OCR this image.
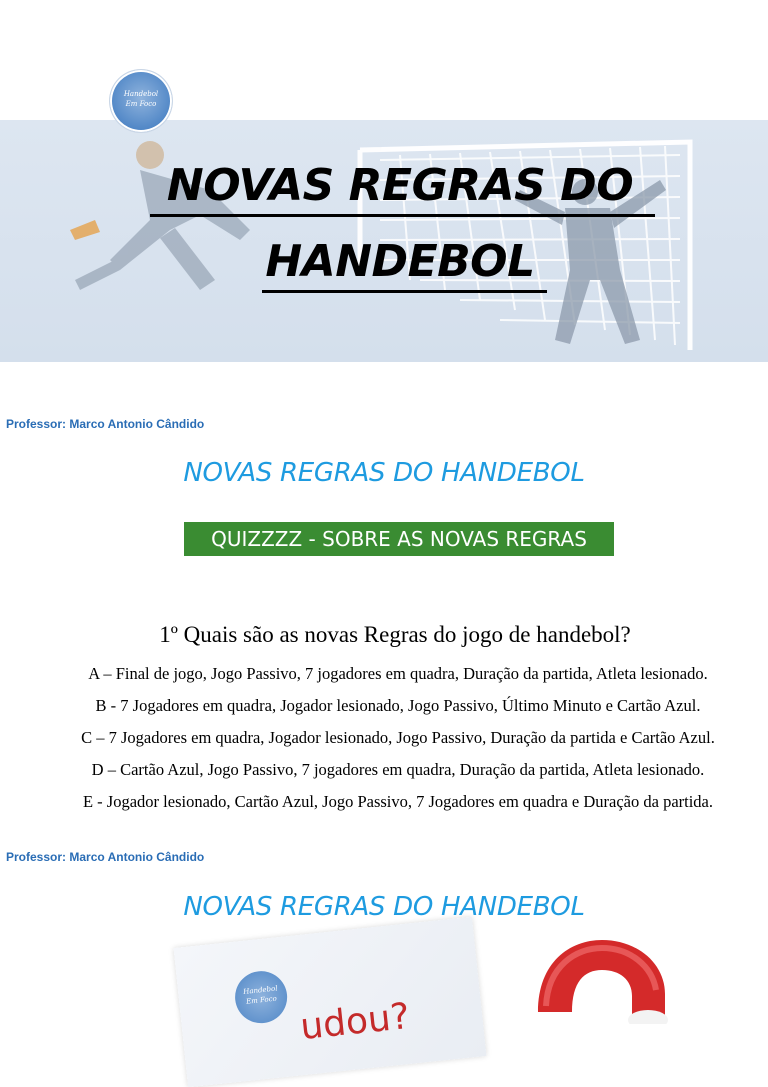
Handebol
Em Foco
NOVAS REGRAS DO
HANDEBOL
Professor: Marco Antonio Cândido
NOVAS REGRAS DO HANDEBOL
QUIZZZZ - SOBRE AS NOVAS REGRAS
1º Quais são as novas Regras do jogo de handebol?
A – Final de jogo, Jogo Passivo, 7 jogadores em quadra, Duração da partida, Atleta lesionado.
B - 7 Jogadores em quadra, Jogador lesionado, Jogo Passivo, Último Minuto e Cartão Azul.
C – 7 Jogadores em quadra, Jogador lesionado, Jogo Passivo, Duração da partida e Cartão Azul.
D – Cartão Azul, Jogo Passivo, 7 jogadores em quadra, Duração da partida, Atleta lesionado.
E - Jogador lesionado, Cartão Azul, Jogo Passivo, 7 Jogadores em quadra e Duração da partida.
Professor: Marco Antonio Cândido
NOVAS REGRAS DO HANDEBOL
Handebol
Em Foco udou?
